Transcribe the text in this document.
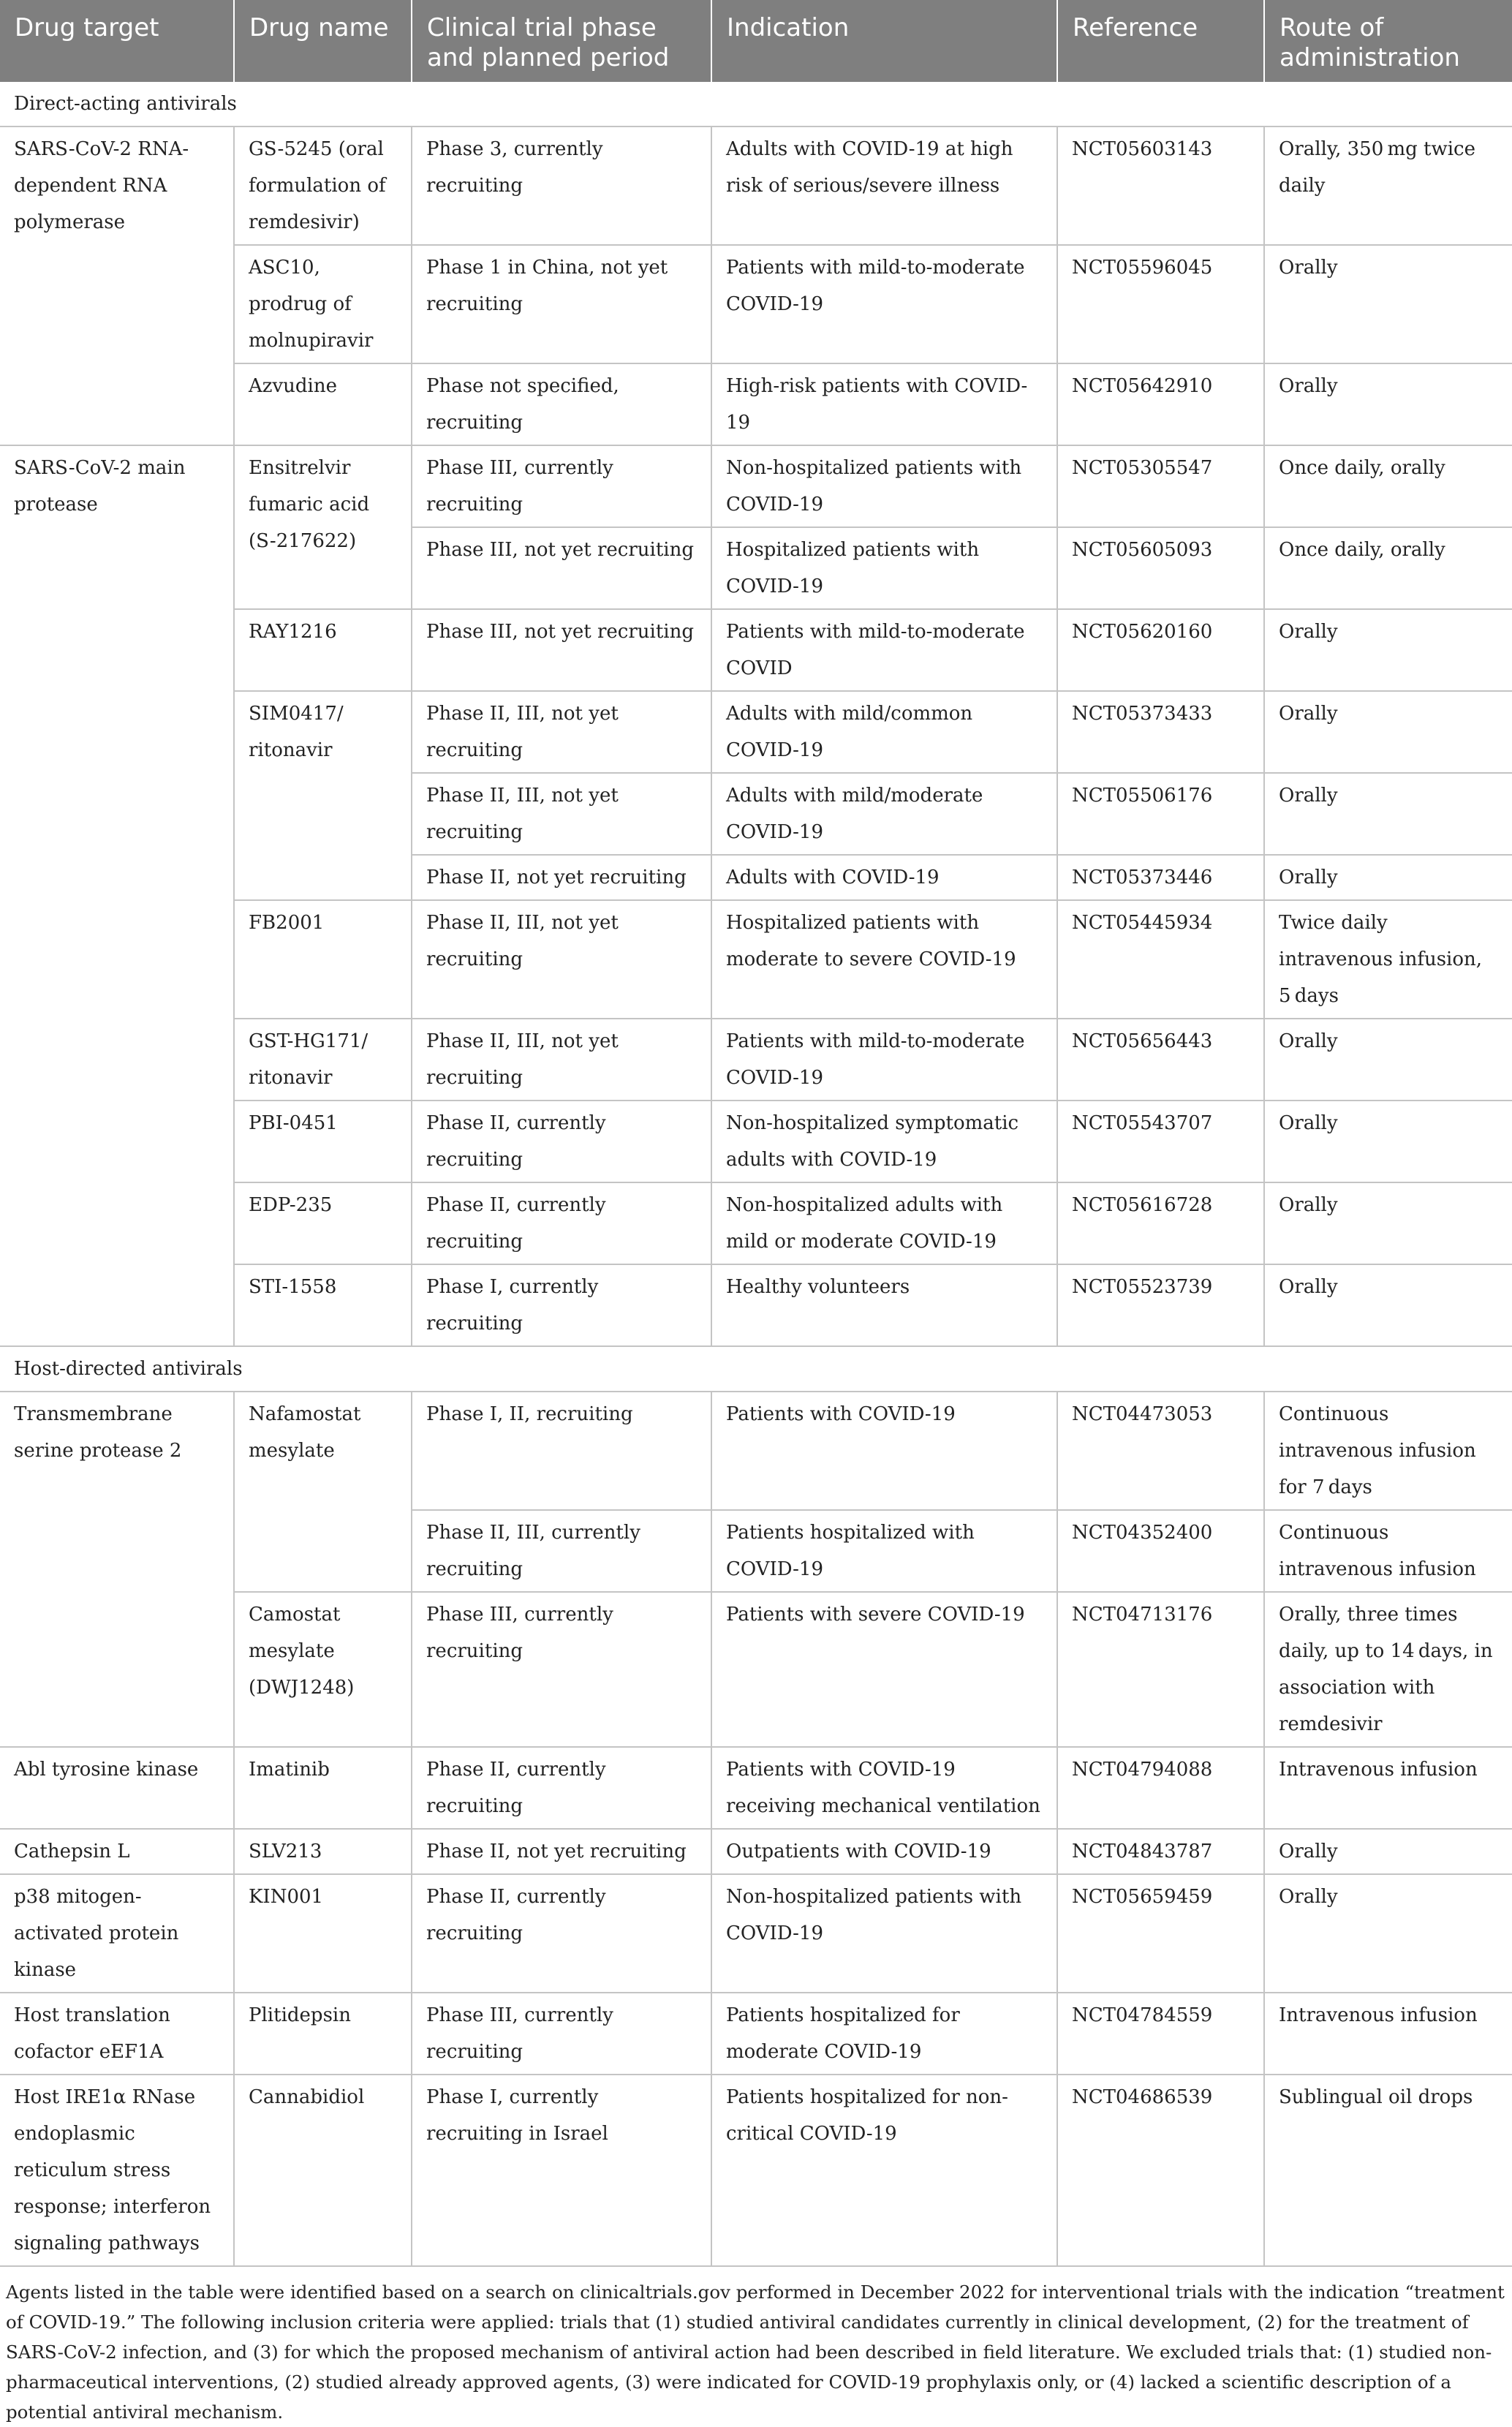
Drug target	Drug name	Clinical trial phase and planned period	Indication	Reference	Route of administration
Direct-acting antivirals					
SARS-CoV-2 RNA-dependent RNA polymerase	GS-5245 (oral formulation of remdesivir)	Phase 3, currently recruiting	Adults with COVID-19 at high risk of serious/severe illness	NCT05603143	Orally, 350 mg twice daily
	ASC10, prodrug of molnupiravir	Phase 1 in China, not yet recruiting	Patients with mild-to-moderate COVID-19	NCT05596045	Orally
	Azvudine	Phase not specified, recruiting	High-risk patients with COVID-19	NCT05642910	Orally
SARS-CoV-2 main protease	Ensitrelvir fumaric acid (S-217622)	Phase III, currently recruiting	Non-hospitalized patients with COVID-19	NCT05305547	Once daily, orally
		Phase III, not yet recruiting	Hospitalized patients with COVID-19	NCT05605093	Once daily, orally
	RAY1216	Phase III, not yet recruiting	Patients with mild-to-moderate COVID	NCT05620160	Orally
	SIM0417/ ritonavir	Phase II, III, not yet recruiting	Adults with mild/common COVID-19	NCT05373433	Orally
		Phase II, III, not yet recruiting	Adults with mild/moderate COVID-19	NCT05506176	Orally
		Phase II, not yet recruiting	Adults with COVID-19	NCT05373446	Orally
	FB2001	Phase II, III, not yet recruiting	Hospitalized patients with moderate to severe COVID-19	NCT05445934	Twice daily intravenous infusion, 5 days
	GST-HG171/ ritonavir	Phase II, III, not yet recruiting	Patients with mild-to-moderate COVID-19	NCT05656443	Orally
	PBI-0451	Phase II, currently recruiting	Non-hospitalized symptomatic adults with COVID-19	NCT05543707	Orally
	EDP-235	Phase II, currently recruiting	Non-hospitalized adults with mild or moderate COVID-19	NCT05616728	Orally
	STI-1558	Phase I, currently recruiting	Healthy volunteers	NCT05523739	Orally
Host-directed antivirals					
Transmembrane serine protease 2	Nafamostat mesylate	Phase I, II, recruiting	Patients with COVID-19	NCT04473053	Continuous intravenous infusion for 7 days
		Phase II, III, currently recruiting	Patients hospitalized with COVID-19	NCT04352400	Continuous intravenous infusion
	Camostat mesylate (DWJ1248)	Phase III, currently recruiting	Patients with severe COVID-19	NCT04713176	Orally, three times daily, up to 14 days, in association with remdesivir
Abl tyrosine kinase	Imatinib	Phase II, currently recruiting	Patients with COVID-19 receiving mechanical ventilation	NCT04794088	Intravenous infusion
Cathepsin L	SLV213	Phase II, not yet recruiting	Outpatients with COVID-19	NCT04843787	Orally
p38 mitogen-activated protein kinase	KIN001	Phase II, currently recruiting	Non-hospitalized patients with COVID-19	NCT05659459	Orally
Host translation cofactor eEF1A	Plitidepsin	Phase III, currently recruiting	Patients hospitalized for moderate COVID-19	NCT04784559	Intravenous infusion
Host IRE1α RNase endoplasmic reticulum stress response; interferon signaling pathways	Cannabidiol	Phase I, currently recruiting in Israel	Patients hospitalized for non-critical COVID-19	NCT04686539	Sublingual oil drops

Agents listed in the table were identified based on a search on clinicaltrials.gov performed in December 2022 for interventional trials with the indication “treatment of COVID-19.” The following inclusion criteria were applied: trials that (1) studied antiviral candidates currently in clinical development, (2) for the treatment of SARS-CoV-2 infection, and (3) for which the proposed mechanism of antiviral action had been described in field literature. We excluded trials that: (1) studied non-pharmaceutical interventions, (2) studied already approved agents, (3) were indicated for COVID-19 prophylaxis only, or (4) lacked a scientific description of a potential antiviral mechanism.
